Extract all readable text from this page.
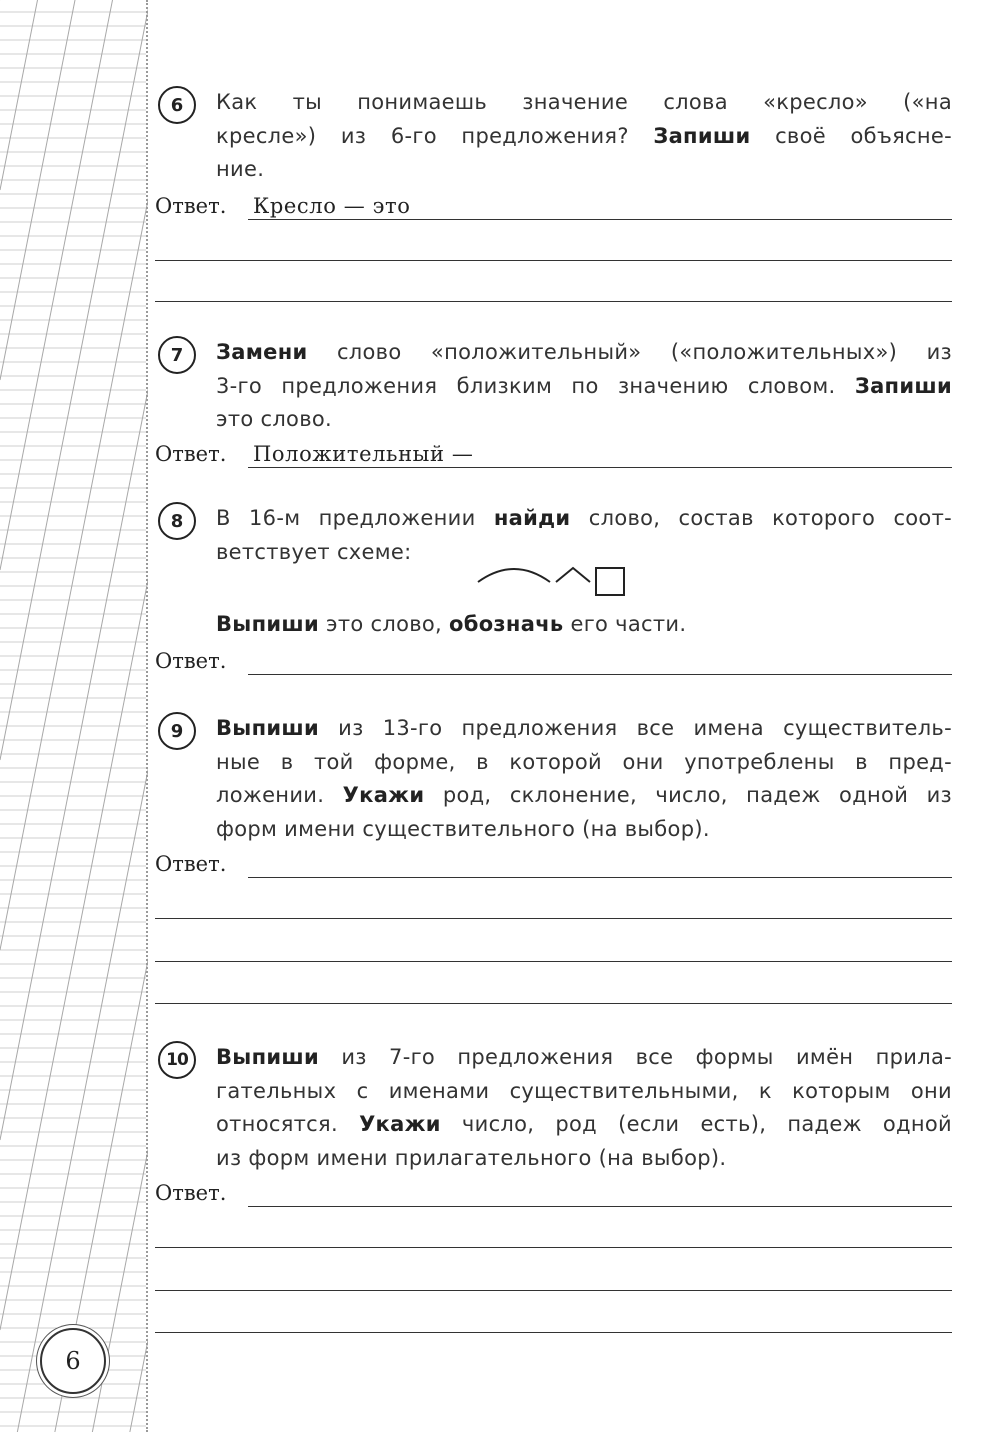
6
6	Как ты понимаешь значение слова «кресло» («на
кресле») из 6-го предложения? Запиши своё объясне-
ние.
Ответ. Кресло — это
7	Замени слово «положительный» («положительных») из
3-го предложения близким по значению словом. Запиши
это слово.
Ответ. Положительный —
8	В 16-м предложении найди слово, состав которого соот-
ветствует схеме:
Выпиши это слово, обозначь его части.
Ответ.
9	Выпиши из 13-го предложения все имена существитель-
ные в той форме, в которой они употреблены в пред-
ложении. Укажи род, склонение, число, падеж одной из
форм имени существительного (на выбор).
Ответ.
10	Выпиши из 7-го предложения все формы имён прила-
гательных с именами существительными, к которым они
относятся. Укажи число, род (если есть), падеж одной
из форм имени прилагательного (на выбор).
Ответ.
